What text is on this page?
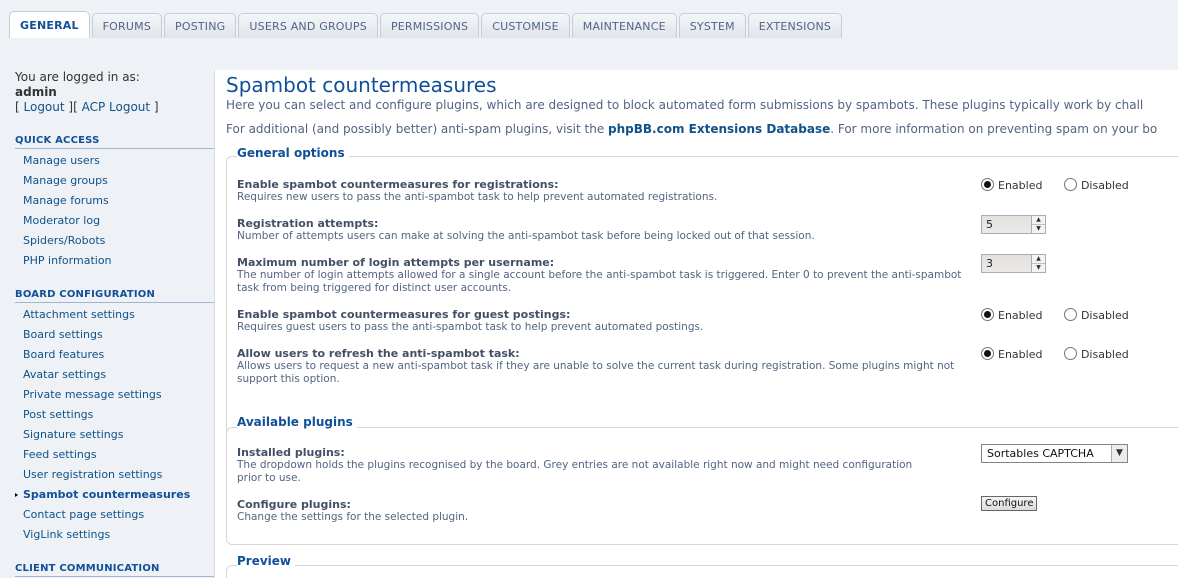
GENERAL	FORUMS	POSTING	USERS AND GROUPS	PERMISSIONS	CUSTOMISE	MAINTENANCE	SYSTEM	EXTENSIONS
You are logged in as:
admin
[ Logout ][ ACP Logout ]
QUICK ACCESS
Manage users
Manage groups
Manage forums
Moderator log
Spiders/Robots
PHP information
BOARD CONFIGURATION
Attachment settings
Board settings
Board features
Avatar settings
Private message settings
Post settings
Signature settings
Feed settings
User registration settings
Spambot countermeasures
Contact page settings
VigLink settings
CLIENT COMMUNICATION
Spambot countermeasures
Here you can select and configure plugins, which are designed to block automated form submissions by spambots. These plugins typically work by chall
For additional (and possibly better) anti-spam plugins, visit the phpBB.com Extensions Database. For more information on preventing spam on your bo
General options
Enable spambot countermeasures for registrations:
Requires new users to pass the anti-spambot task to help prevent automated registrations.
Enabled	Disabled
Registration attempts:
Number of attempts users can make at solving the anti-spambot task before being locked out of that session.
5	▲
▼
Maximum number of login attempts per username:
The number of login attempts allowed for a single account before the anti-spambot task is triggered. Enter 0 to prevent the anti-spambot task from being triggered for distinct user accounts.
3	▲
▼
Enable spambot countermeasures for guest postings:
Requires guest users to pass the anti-spambot task to help prevent automated postings.
Enabled	Disabled
Allow users to refresh the anti-spambot task:
Allows users to request a new anti-spambot task if they are unable to solve the current task during registration. Some plugins might not support this option.
Enabled	Disabled
Available plugins
Installed plugins:
The dropdown holds the plugins recognised by the board. Grey entries are not available right now and might need configuration prior to use.
Sortables CAPTCHA	▼
Configure plugins:
Change the settings for the selected plugin.
Configure
Preview
